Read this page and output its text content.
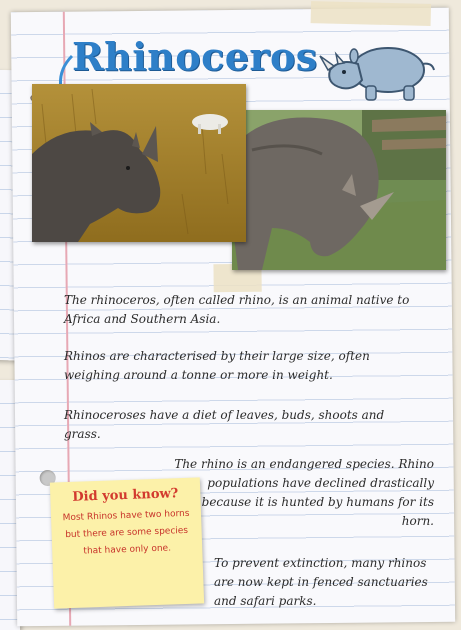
Rhinoceros

The rhinoceros, often called rhino, is an animal native to Africa and Southern Asia.

Rhinos are characterised by their large size, often weighing around a tonne or more in weight.

Rhinoceroses have a diet of leaves, buds, shoots and grass.

The rhino is an endangered species. Rhino populations have declined drastically because it is hunted by humans for its horn.

To prevent extinction, many rhinos are now kept in fenced sanctuaries and safari parks.

Did you know?
Most Rhinos have two horns but there are some species that have only one.
